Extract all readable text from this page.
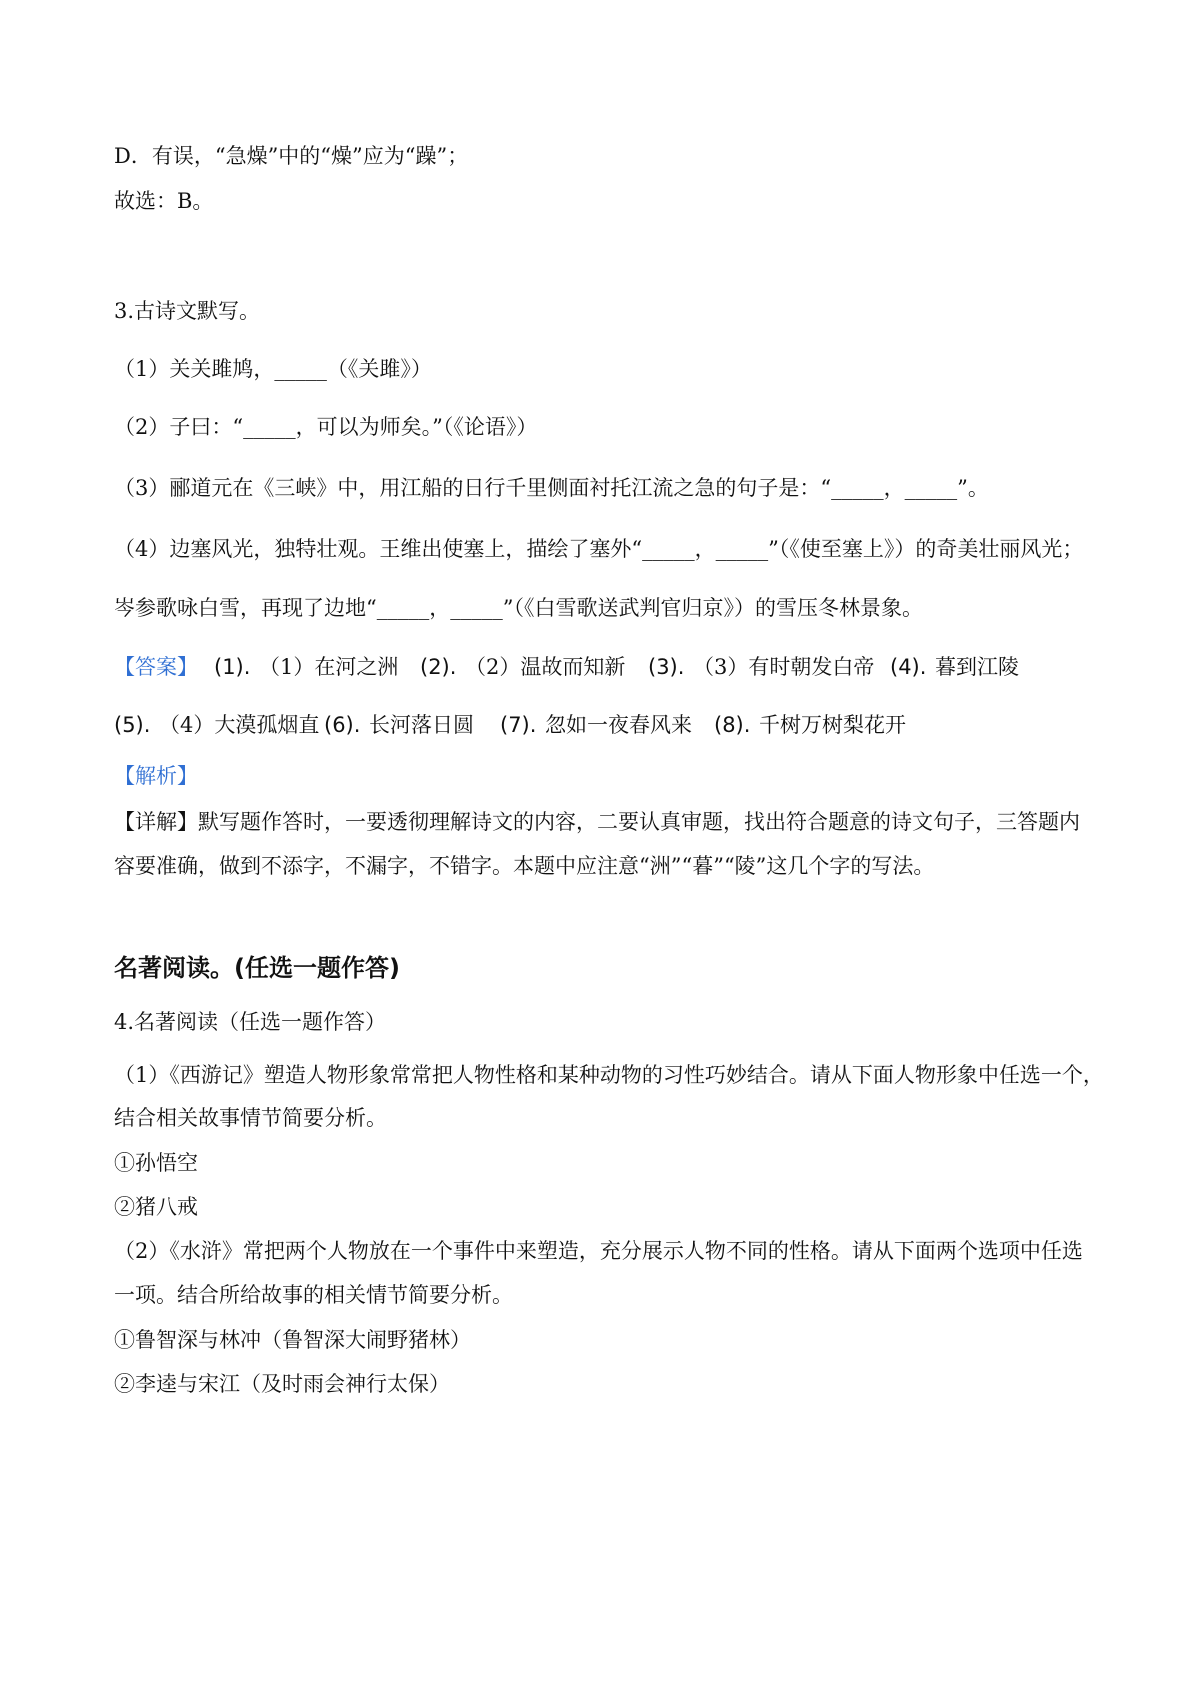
D．有误，“急燥”中的“燥”应为“躁”；
故选：B。
3.古诗文默写。
（1）关关雎鸠，_____（《关雎》）
（2）子曰：“_____，可以为师矣。”（《论语》）
（3）郦道元在《三峡》中，用江船的日行千里侧面衬托江流之急的句子是：“_____，_____”。
（4）边塞风光，独特壮观。王维出使塞上，描绘了塞外“_____，_____”（《使至塞上》）的奇美壮丽风光；
岑参歌咏白雪，再现了边地“_____，_____”（《白雪歌送武判官归京》）的雪压冬林景象。
【答案】 (1). （1）在河之洲 (2). （2）温故而知新 (3). （3）有时朝发白帝 (4). 暮到江陵
(5). （4）大漠孤烟直 (6). 长河落日圆 (7). 忽如一夜春风来 (8). 千树万树梨花开
【解析】
【详解】默写题作答时，一要透彻理解诗文的内容，二要认真审题，找出符合题意的诗文句子，三答题内
容要准确，做到不添字，不漏字，不错字。本题中应注意“洲”“暮”“陵”这几个字的写法。
名著阅读。(任选一题作答)
4.名著阅读（任选一题作答）
（1）《西游记》塑造人物形象常常把人物性格和某种动物的习性巧妙结合。请从下面人物形象中任选一个，
结合相关故事情节简要分析。
①孙悟空
②猪八戒
（2）《水浒》常把两个人物放在一个事件中来塑造，充分展示人物不同的性格。请从下面两个选项中任选
一项。结合所给故事的相关情节简要分析。
①鲁智深与林冲（鲁智深大闹野猪林）
②李逵与宋江（及时雨会神行太保）
